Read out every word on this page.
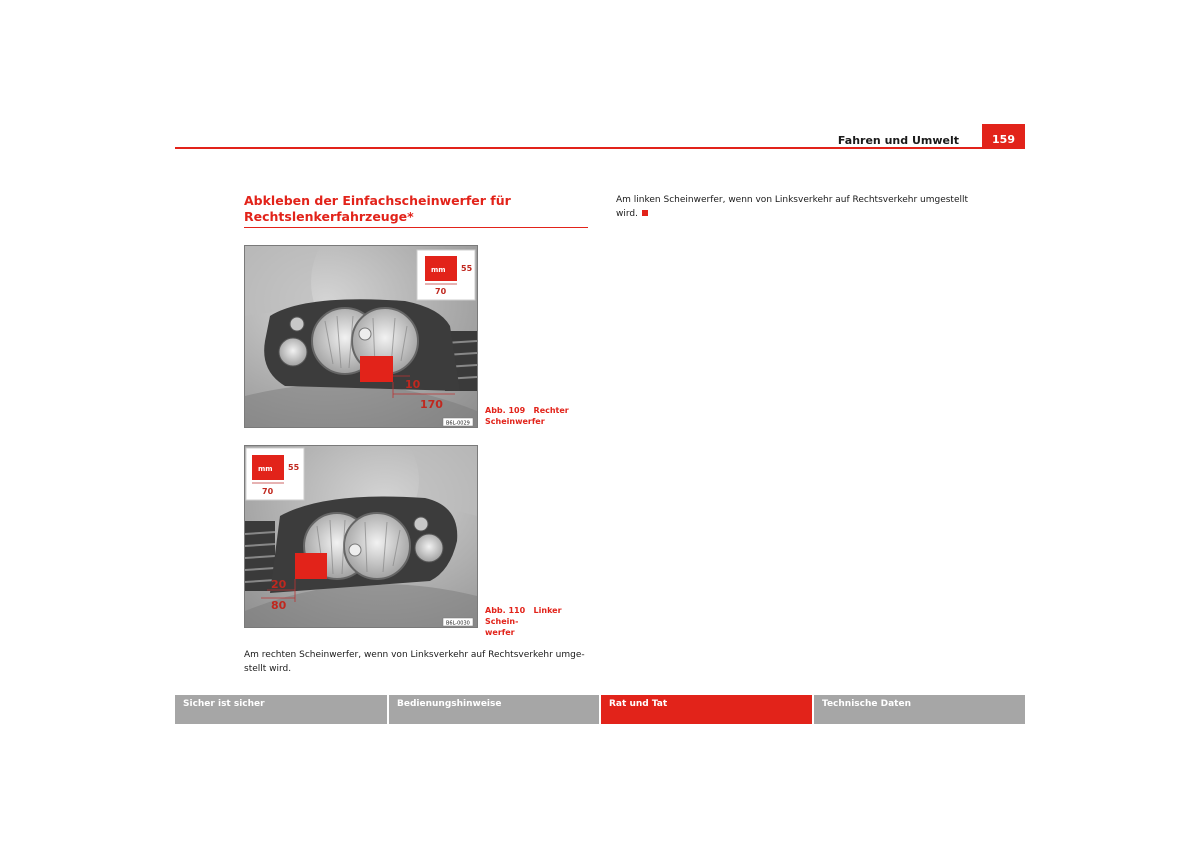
Fahren und Umwelt	159
Abkleben der Einfachscheinwerfer für
Rechtslenkerfahrzeuge*
10
170
mm 55
70
B6L-0029
Abb. 109 Rechter
Scheinwerfer
20
80
mm 55
70
B6L-0030
Abb. 110 Linker Schein-
werfer
Am rechten Scheinwerfer, wenn von Linksverkehr auf Rechtsverkehr umge-
stellt wird.
Am linken Scheinwerfer, wenn von Linksverkehr auf Rechtsverkehr umgestellt
wird.
Sicher ist sicher	Bedienungshinweise	Rat und Tat	Technische Daten
